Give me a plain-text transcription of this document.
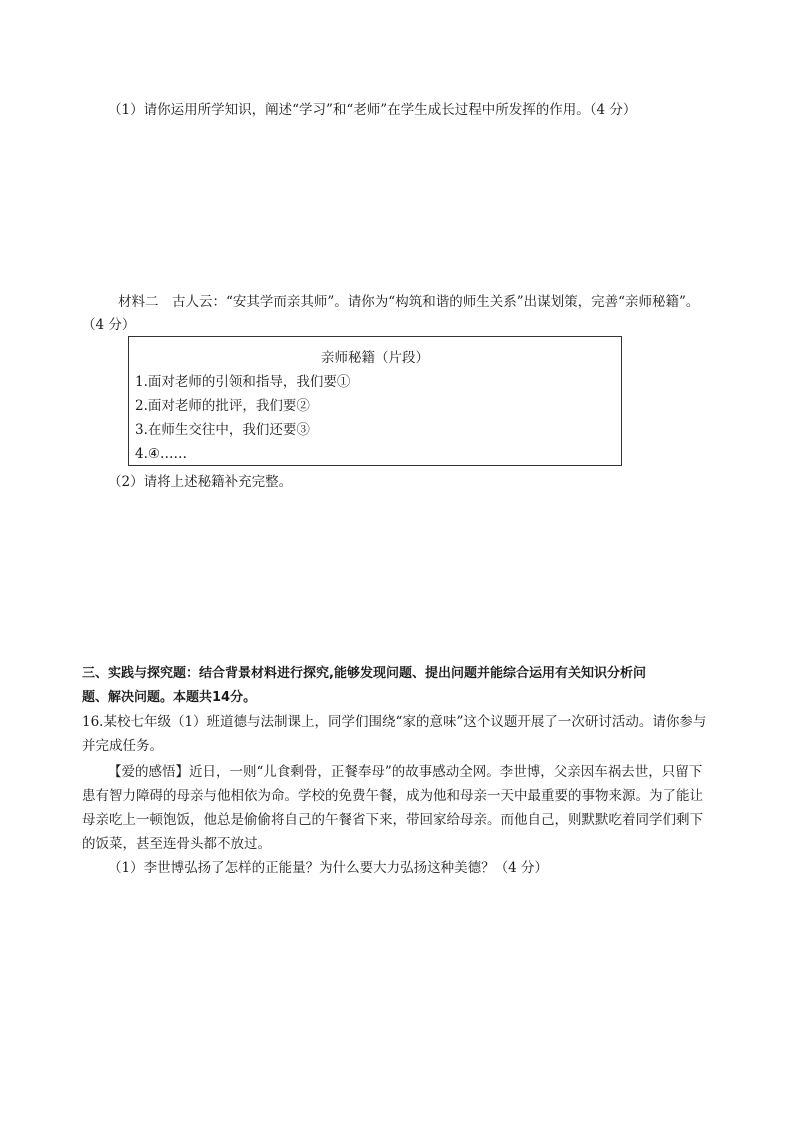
（1）请你运用所学知识，阐述“学习”和“老师”在学生成长过程中所发挥的作用。（4 分）
材料二　古人云：“安其学而亲其师”。请你为“构筑和谐的师生关系”出谋划策，完善“亲师秘籍”。
（4 分）
亲师秘籍（片段）
1.面对老师的引领和指导，我们要①
2.面对老师的批评，我们要②
3.在师生交往中，我们还要③
4.④……
（2）请将上述秘籍补充完整。
三、实践与探究题：结合背景材料进行探究,能够发现问题、提出问题并能综合运用有关知识分析问
题、解决问题。本题共14分。
16.某校七年级（1）班道德与法制课上，同学们围绕“家的意味”这个议题开展了一次研讨活动。请你参与
并完成任务。
【爱的感悟】近日，一则“儿食剩骨，正餐奉母”的故事感动全网。李世博，父亲因车祸去世，只留下
患有智力障碍的母亲与他相依为命。学校的免费午餐，成为他和母亲一天中最重要的事物来源。为了能让
母亲吃上一顿饱饭，他总是偷偷将自己的午餐省下来，带回家给母亲。而他自己，则默默吃着同学们剩下
的饭菜，甚至连骨头都不放过。
（1）李世博弘扬了怎样的正能量？为什么要大力弘扬这种美德？（4 分）
